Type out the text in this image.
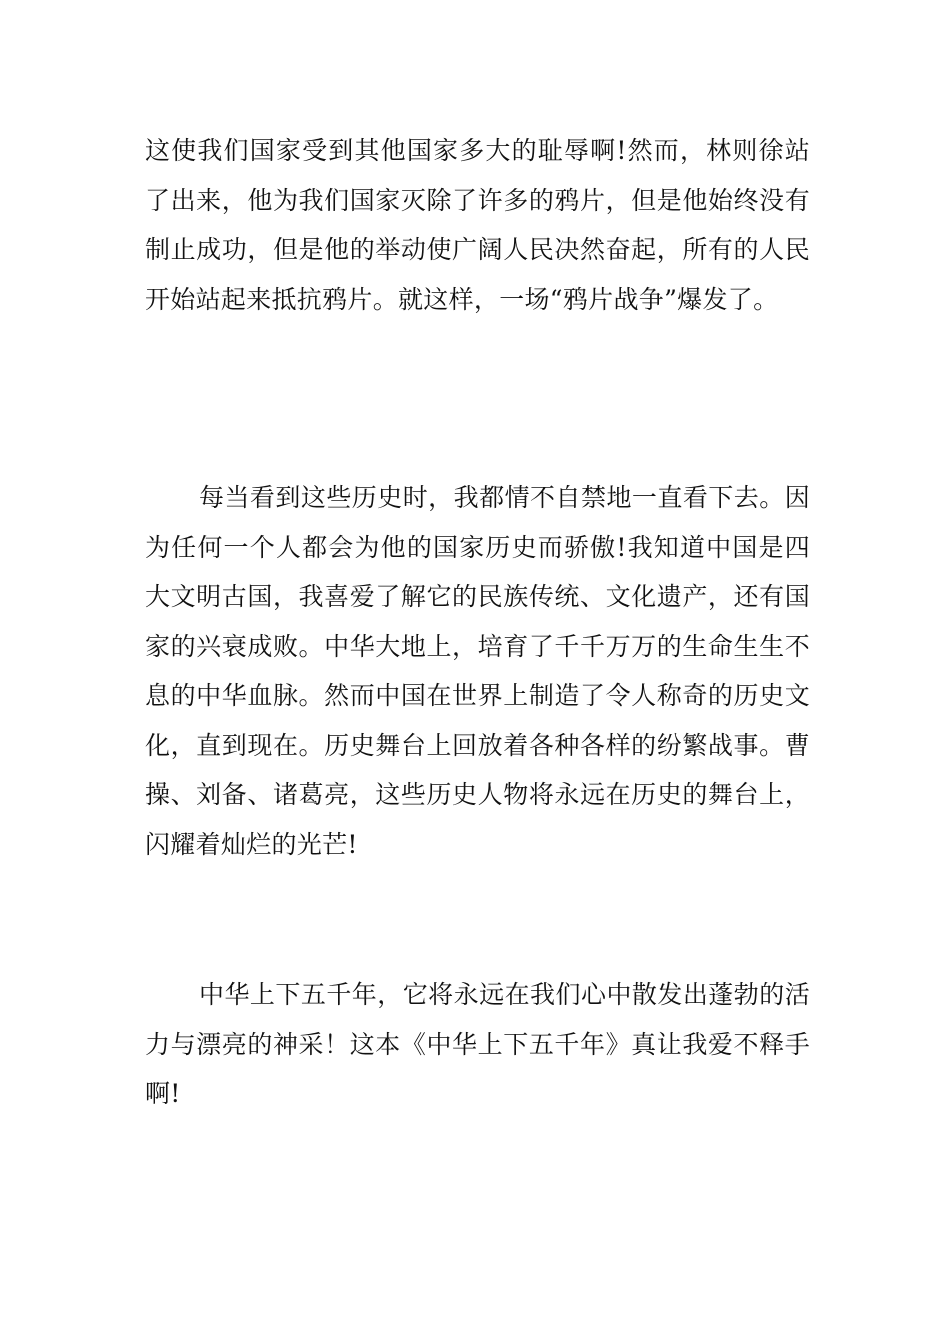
这使我们国家受到其他国家多大的耻辱啊!然而，林则徐站了出来，他为我们国家灭除了许多的鸦片，但是他始终没有制止成功，但是他的举动使广阔人民决然奋起，所有的人民开始站起来抵抗鸦片。就这样，一场“鸦片战争”爆发了。

每当看到这些历史时，我都情不自禁地一直看下去。因为任何一个人都会为他的国家历史而骄傲!我知道中国是四大文明古国，我喜爱了解它的民族传统、文化遗产，还有国家的兴衰成败。中华大地上，培育了千千万万的生命生生不息的中华血脉。然而中国在世界上制造了令人称奇的历史文化，直到现在。历史舞台上回放着各种各样的纷繁战事。曹操、刘备、诸葛亮，这些历史人物将永远在历史的舞台上，闪耀着灿烂的光芒!

中华上下五千年，它将永远在我们心中散发出蓬勃的活力与漂亮的神采！这本《中华上下五千年》真让我爱不释手啊!
